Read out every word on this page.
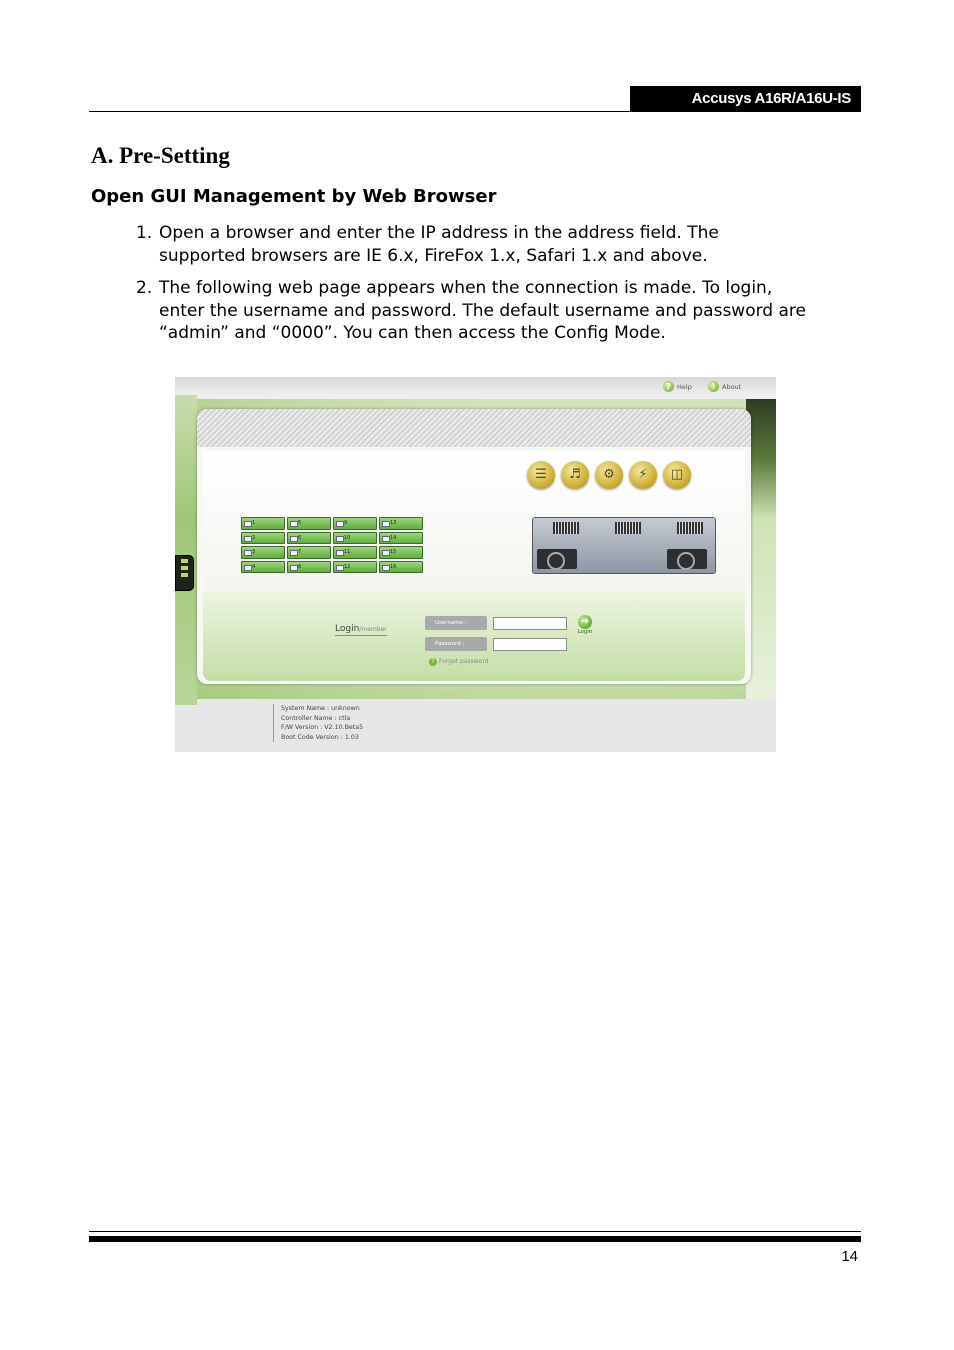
Accusys A16R/A16U-IS
A. Pre-Setting
Open GUI Management by Web Browser

1. Open a browser and enter the IP address in the address field. The supported browsers are IE 6.x, FireFox 1.x, Safari 1.x and above.

2. The following web page appears when the connection is made. To login, enter the username and password. The default username and password are “admin” and “0000”. You can then access the Config Mode.

? Help	!	About
☰	♬	⚙	⚡	◫
1	5	9	13
2	6	10	14
3	7	11	15
4	8	12	16
Login/member
Username :
Password :
➜
Login
? Forget password
System Name : unknown
Controller Name : ctla
F/W Version : V2.10.Beta5
Boot Code Version : 1.03
14
